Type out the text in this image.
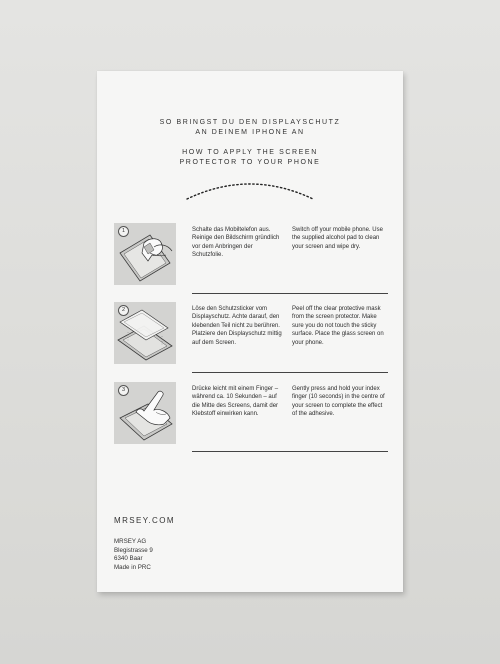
SO BRINGST DU DEN DISPLAYSCHUTZ
AN DEINEM IPHONE AN
HOW TO APPLY THE SCREEN
PROTECTOR TO YOUR PHONE
1	Schalte das Mobiltelefon aus. Reinige den Bildschirm gründlich vor dem Anbringen der Schutzfolie.
Switch off your mobile phone. Use the supplied alcohol pad to clean your screen and wipe dry.
2	Löse den Schutzsticker vom Displayschutz. Achte darauf, den klebenden Teil nicht zu berühren. Platziere den Displayschutz mittig auf dem Screen.
Peel off the clear protective mask from the screen protector. Make sure you do not touch the sticky surface. Place the glass screen on your phone.
3	Drücke leicht mit einem Finger – während ca. 10 Sekunden – auf die Mitte des Screens, damit der Klebstoff einwirken kann.
Gently press and hold your index finger (10 seconds) in the centre of your screen to complete the effect of the adhesive.
MRSEY.COM
MRSEY AG
Blegistrasse 9
6340 Baar
Made in PRC
